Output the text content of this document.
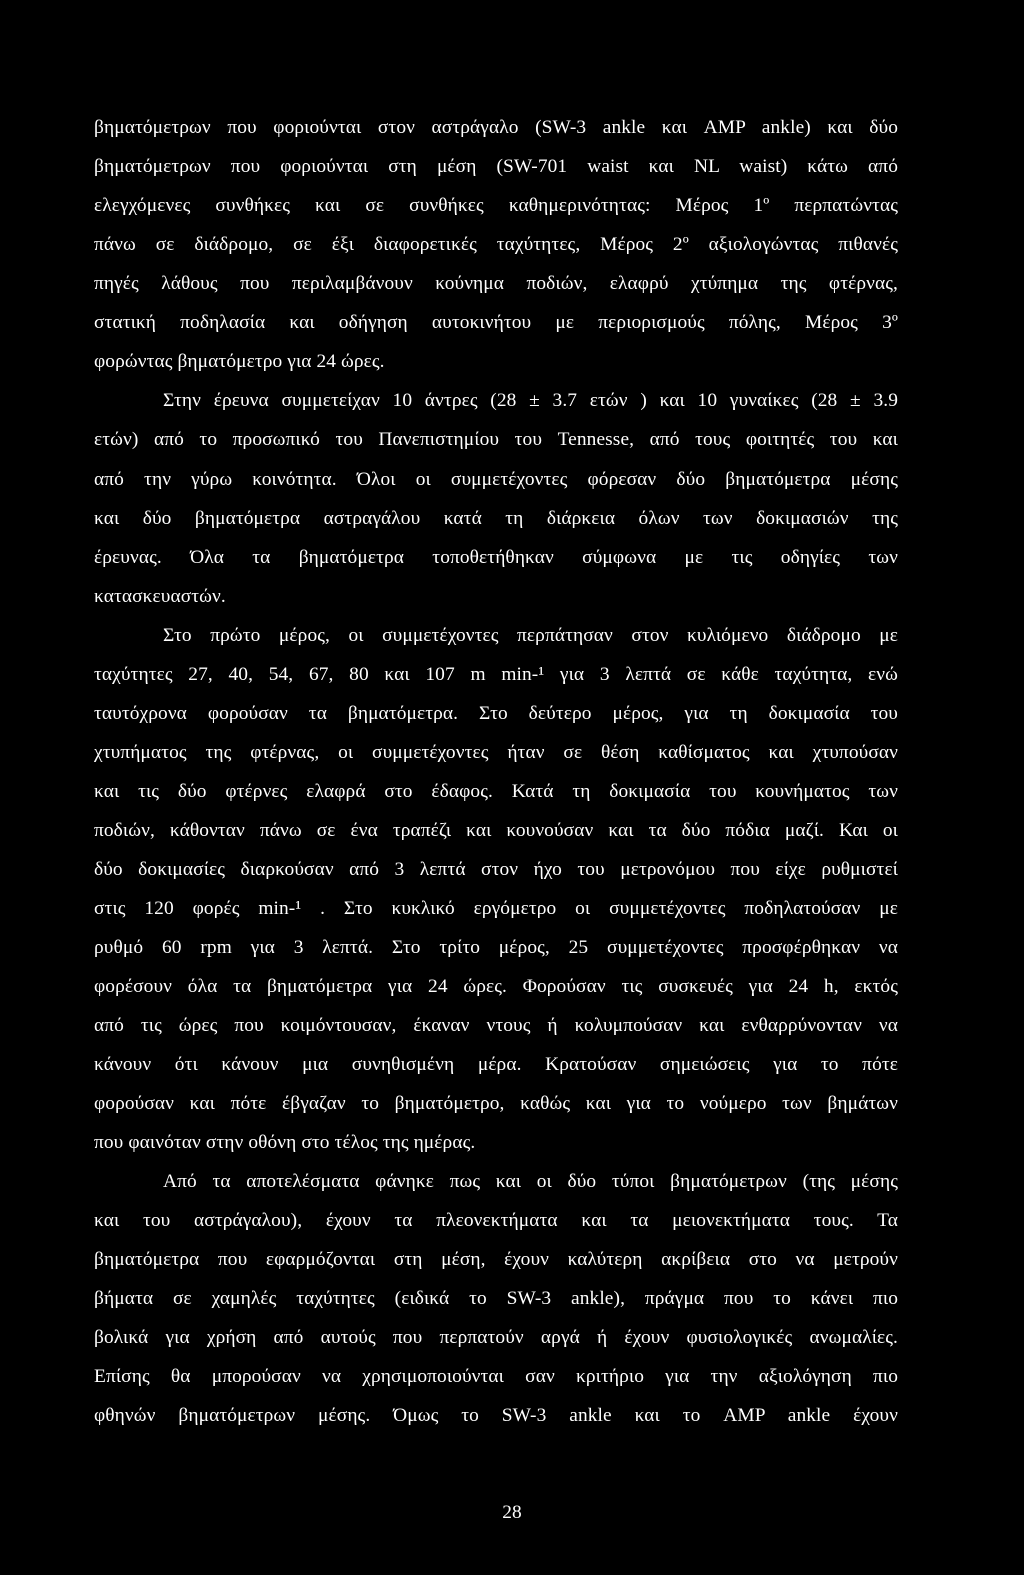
βηματόμετρων που φοριούνται στον αστράγαλο (SW-3 ankle και AMP ankle) και δύο
βηματόμετρων που φοριούνται στη μέση (SW-701 waist και NL waist) κάτω από
ελεγχόμενες συνθήκες και σε συνθήκες καθημερινότητας: Μέρος 1º περπατώντας
πάνω σε διάδρομο, σε έξι διαφορετικές ταχύτητες, Μέρος 2º αξιολογώντας πιθανές
πηγές λάθους που περιλαμβάνουν κούνημα ποδιών, ελαφρύ χτύπημα της φτέρνας,
στατική ποδηλασία και οδήγηση αυτοκινήτου με περιορισμούς πόλης, Μέρος 3º
φορώντας βηματόμετρο για 24 ώρες.
Στην έρευνα συμμετείχαν 10 άντρες (28 ± 3.7 ετών ) και 10 γυναίκες (28 ± 3.9
ετών) από το προσωπικό του Πανεπιστημίου του Tennesse, από τους φοιτητές του και
από την γύρω κοινότητα. Όλοι οι συμμετέχοντες φόρεσαν δύο βηματόμετρα μέσης
και δύο βηματόμετρα αστραγάλου κατά τη διάρκεια όλων των δοκιμασιών της
έρευνας. Όλα τα βηματόμετρα τοποθετήθηκαν σύμφωνα με τις οδηγίες των
κατασκευαστών.
Στο πρώτο μέρος, οι συμμετέχοντες περπάτησαν στον κυλιόμενο διάδρομο με
ταχύτητες 27, 40, 54, 67, 80 και 107 m min-¹ για 3 λεπτά σε κάθε ταχύτητα, ενώ
ταυτόχρονα φορούσαν τα βηματόμετρα. Στο δεύτερο μέρος, για τη δοκιμασία του
χτυπήματος της φτέρνας, οι συμμετέχοντες ήταν σε θέση καθίσματος και χτυπούσαν
και τις δύο φτέρνες ελαφρά στο έδαφος. Κατά τη δοκιμασία του κουνήματος των
ποδιών, κάθονταν πάνω σε ένα τραπέζι και κουνούσαν και τα δύο πόδια μαζί. Και οι
δύο δοκιμασίες διαρκούσαν από 3 λεπτά στον ήχο του μετρονόμου που είχε ρυθμιστεί
στις 120 φορές min-¹ . Στο κυκλικό εργόμετρο οι συμμετέχοντες ποδηλατούσαν με
ρυθμό 60 rpm για 3 λεπτά. Στο τρίτο μέρος, 25 συμμετέχοντες προσφέρθηκαν να
φορέσουν όλα τα βηματόμετρα για 24 ώρες. Φορούσαν τις συσκευές για 24 h, εκτός
από τις ώρες που κοιμόντουσαν, έκαναν ντους ή κολυμπούσαν και ενθαρρύνονταν να
κάνουν ότι κάνουν μια συνηθισμένη μέρα. Κρατούσαν σημειώσεις για το πότε
φορούσαν και πότε έβγαζαν το βηματόμετρο, καθώς και για το νούμερο των βημάτων
που φαινόταν στην οθόνη στο τέλος της ημέρας.
Από τα αποτελέσματα φάνηκε πως και οι δύο τύποι βηματόμετρων (της μέσης
και του αστράγαλου), έχουν τα πλεονεκτήματα και τα μειονεκτήματα τους. Τα
βηματόμετρα που εφαρμόζονται στη μέση, έχουν καλύτερη ακρίβεια στο να μετρούν
βήματα σε χαμηλές ταχύτητες (ειδικά το SW-3 ankle), πράγμα που το κάνει πιο
βολικά για χρήση από αυτούς που περπατούν αργά ή έχουν φυσιολογικές ανωμαλίες.
Επίσης θα μπορούσαν να χρησιμοποιούνται σαν κριτήριο για την αξιολόγηση πιο
φθηνών βηματόμετρων μέσης. Όμως το SW-3 ankle και το AMP ankle έχουν
28
